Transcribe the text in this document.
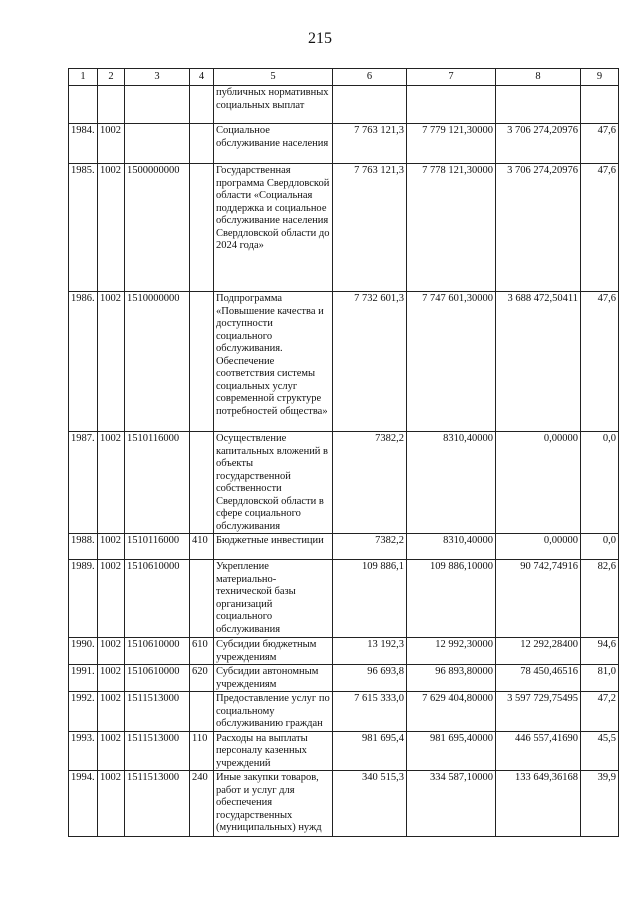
215
1	2	3	4	5	6	7	8	9
				публичных нормативных социальных выплат				
1984.	1002			Социальное обслуживание населения	7 763 121,3	7 779 121,30000	3 706 274,20976	47,6
1985.	1002	1500000000		Государственная программа Свердловской области «Социальная поддержка и социальное обслуживание населения Свердловской области до 2024 года»	7 763 121,3	7 778 121,30000	3 706 274,20976	47,6
1986.	1002	1510000000		Подпрограмма «Повышение качества и доступности социального обслуживания. Обеспечение соответствия системы социальных услуг современной структуре потребностей общества»	7 732 601,3	7 747 601,30000	3 688 472,50411	47,6
1987.	1002	1510116000		Осуществление капитальных вложений в объекты государственной собственности Свердловской области в сфере социального обслуживания	7382,2	8310,40000	0,00000	0,0
1988.	1002	1510116000	410	Бюджетные инвестиции	7382,2	8310,40000	0,00000	0,0
1989.	1002	1510610000		Укрепление материально-технической базы организаций социального обслуживания	109 886,1	109 886,10000	90 742,74916	82,6
1990.	1002	1510610000	610	Субсидии бюджетным учреждениям	13 192,3	12 992,30000	12 292,28400	94,6
1991.	1002	1510610000	620	Субсидии автономным учреждениям	96 693,8	96 893,80000	78 450,46516	81,0
1992.	1002	1511513000		Предоставление услуг по социальному обслуживанию граждан	7 615 333,0	7 629 404,80000	3 597 729,75495	47,2
1993.	1002	1511513000	110	Расходы на выплаты персоналу казенных учреждений	981 695,4	981 695,40000	446 557,41690	45,5
1994.	1002	1511513000	240	Иные закупки товаров, работ и услуг для обеспечения государственных (муниципальных) нужд	340 515,3	334 587,10000	133 649,36168	39,9
